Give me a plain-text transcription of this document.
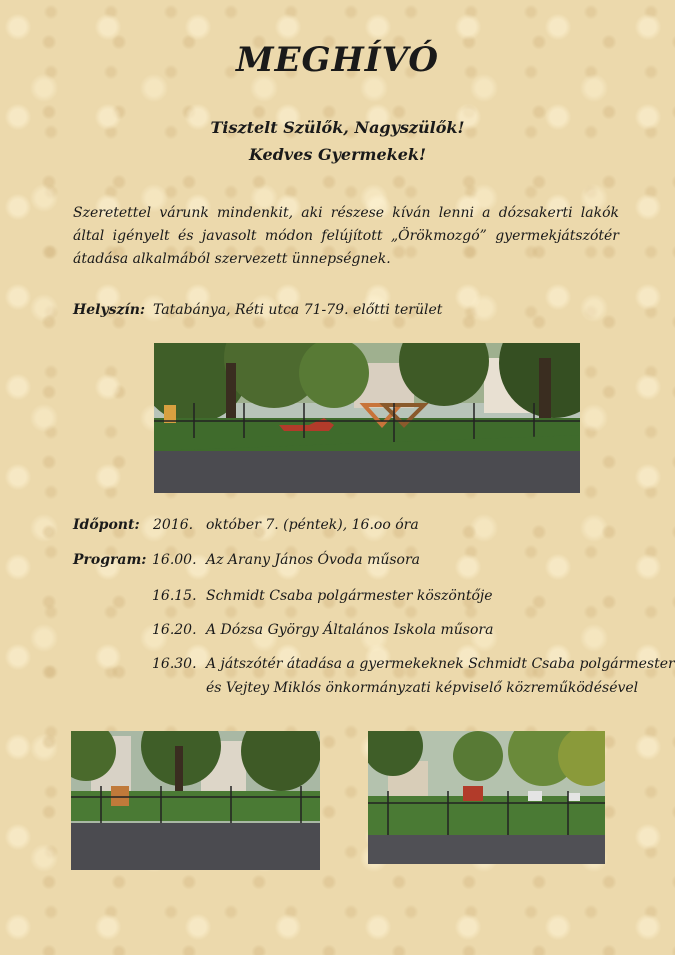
MEGHÍVÓ
Tisztelt Szülők, Nagyszülők!
Kedves Gyermekek!
Szeretettel várunk mindenkit, aki részese kíván lenni a dózsakerti lakók által igényelt és javasolt módon felújított „Örökmozgó” gyermekjátszótér átadása alkalmából szervezett ünnepségnek.
Helyszín: Tatabánya, Réti utca 71-79. előtti terület
Időpont: 2016. október 7. (péntek), 16.oo óra
Program: 16.00. Az Arany János Óvoda műsora
16.15. Schmidt Csaba polgármester köszöntője
16.20. A Dózsa György Általános Iskola műsora
16.30. A játszótér átadása a gyermekeknek Schmidt Csaba polgármester
és Vejtey Miklós önkormányzati képviselő közreműködésével
